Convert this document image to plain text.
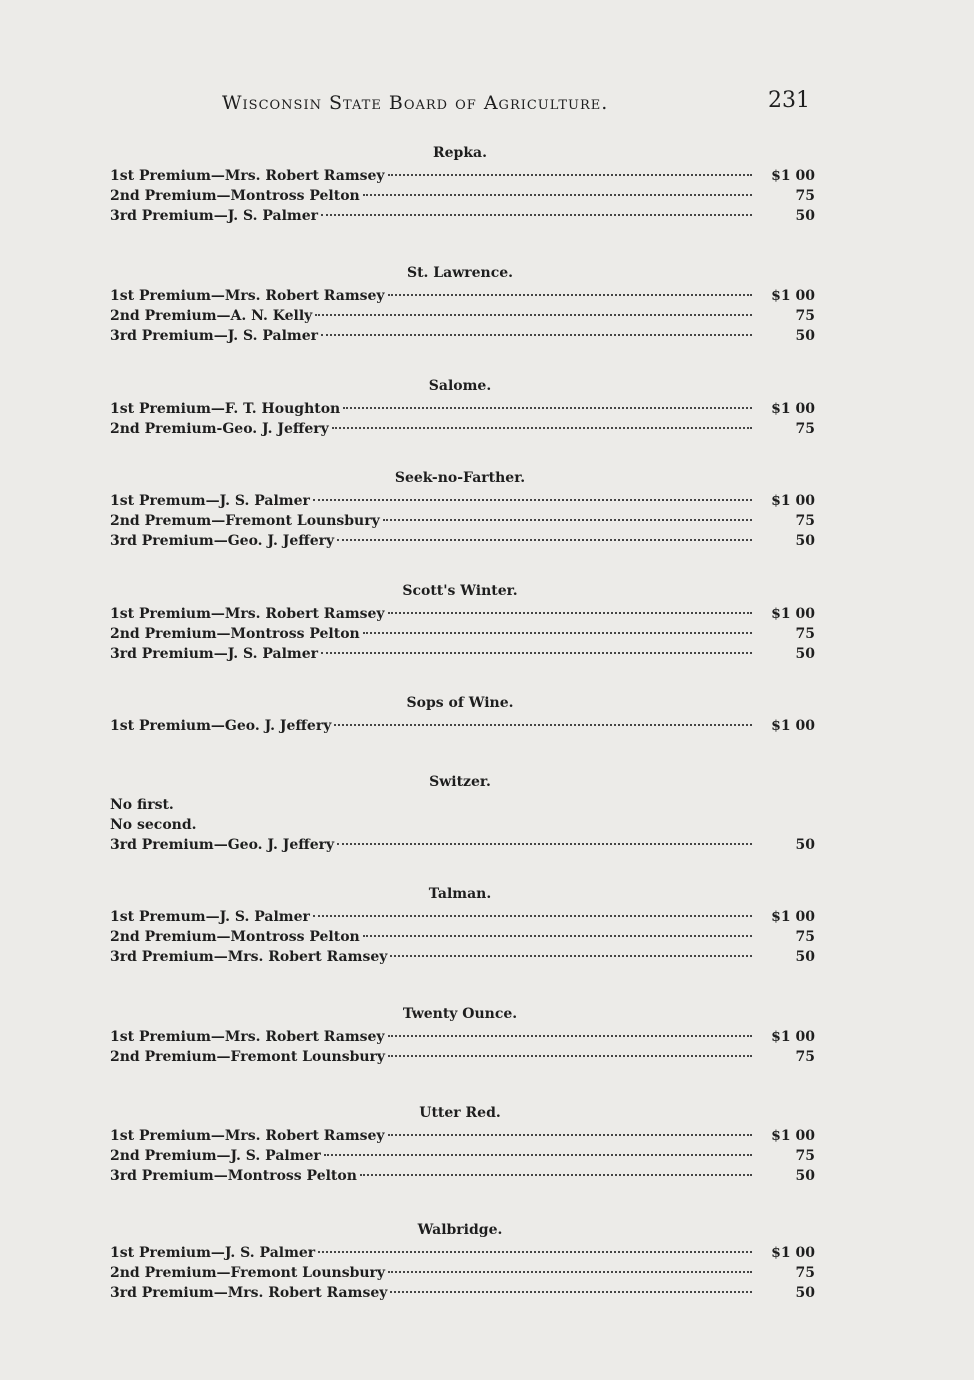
Wisconsin State Board of Agriculture.	231
Repka.
1st Premium—Mrs. Robert Ramsey	$1 00
2nd Premium—Montross Pelton	75
3rd Premium—J. S. Palmer	50
St. Lawrence.
1st Premium—Mrs. Robert Ramsey	$1 00
2nd Premium—A. N. Kelly	75
3rd Premium—J. S. Palmer	50
Salome.
1st Premium—F. T. Houghton	$1 00
2nd Premium-Geo. J. Jeffery	75
Seek-no-Farther.
1st Premum—J. S. Palmer	$1 00
2nd Premum—Fremont Lounsbury	75
3rd Premium—Geo. J. Jeffery	50
Scott's Winter.
1st Premium—Mrs. Robert Ramsey	$1 00
2nd Premium—Montross Pelton	75
3rd Premium—J. S. Palmer	50
Sops of Wine.
1st Premium—Geo. J. Jeffery	$1 00
Switzer.
No first.
No second.
3rd Premium—Geo. J. Jeffery	50
Talman.
1st Premum—J. S. Palmer	$1 00
2nd Premium—Montross Pelton	75
3rd Premium—Mrs. Robert Ramsey	50
Twenty Ounce.
1st Premium—Mrs. Robert Ramsey	$1 00
2nd Premium—Fremont Lounsbury	75
Utter Red.
1st Premium—Mrs. Robert Ramsey	$1 00
2nd Premium—J. S. Palmer	75
3rd Premium—Montross Pelton	50
Walbridge.
1st Premium—J. S. Palmer	$1 00
2nd Premium—Fremont Lounsbury	75
3rd Premium—Mrs. Robert Ramsey	50
